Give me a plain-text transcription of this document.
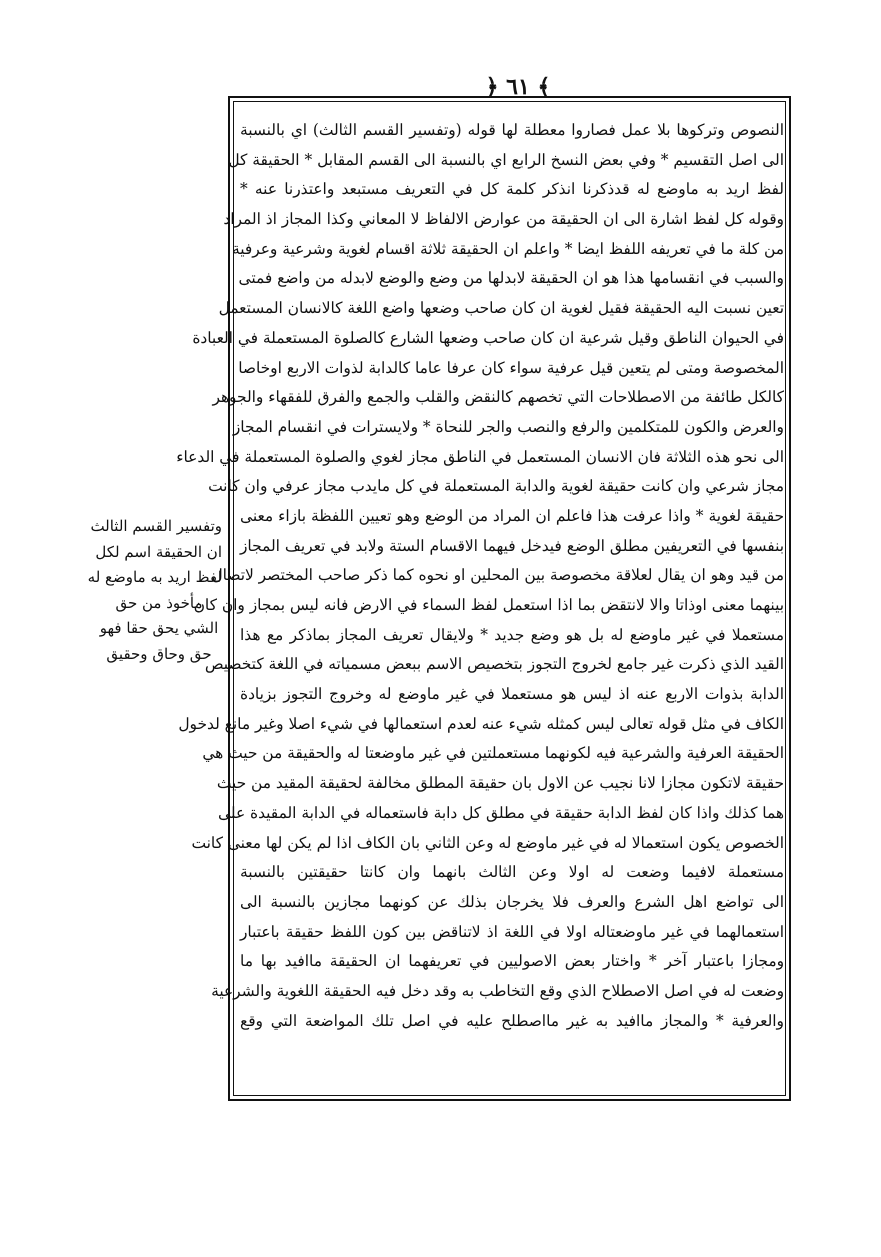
﴿ ٦١ ﴾
النصوص وتركوها بلا عمل فصاروا معطلة لها قوله (وتفسير القسم الثالث) اي بالنسبة
الى اصل التقسيم * وفي بعض النسخ الرابع اي بالنسبة الى القسم المقابل * الحقيقة كل
لفظ اريد به ماوضع له قدذكرنا انذكر كلمة كل في التعريف مستبعد واعتذرنا عنه *
وقوله كل لفظ اشارة الى ان الحقيقة من عوارض الالفاظ لا المعاني وكذا المجاز اذ المراد
من كلة ما في تعريفه اللفظ ايضا * واعلم ان الحقيقة ثلاثة اقسام لغوية وشرعية وعرفية
والسبب في انقسامها هذا هو ان الحقيقة لابدلها من وضع والوضع لابدله من واضع فمتى
تعين نسبت اليه الحقيقة فقيل لغوية ان كان صاحب وضعها واضع اللغة كالانسان المستعمل
في الحيوان الناطق وقيل شرعية ان كان صاحب وضعها الشارع كالصلوة المستعملة في العبادة
المخصوصة ومتى لم يتعين قيل عرفية سواء كان عرفا عاما كالدابة لذوات الاربع اوخاصا
كالكل طائفة من الاصطلاحات التي تخصهم كالنقض والقلب والجمع والفرق للفقهاء والجوهر
والعرض والكون للمتكلمين والرفع والنصب والجر للنحاة * ولايسترات في انقسام المجاز
الى نحو هذه الثلاثة فان الانسان المستعمل في الناطق مجاز لغوي والصلوة المستعملة في الدعاء
مجاز شرعي وان كانت حقيقة لغوية والدابة المستعملة في كل مايدب مجاز عرفي وان كانت
حقيقة لغوية * واذا عرفت هذا فاعلم ان المراد من الوضع وهو تعيين اللفظة بازاء معنى
بنفسها في التعريفين مطلق الوضع فيدخل فيهما الاقسام الستة ولابد في تعريف المجاز
من قيد وهو ان يقال لعلاقة مخصوصة بين المحلين او نحوه كما ذكر صاحب المختصر لاتصال
بينهما معنى اوذاتا والا لانتقض بما اذا استعمل لفظ السماء في الارض فانه ليس بمجاز وان كان
مستعملا في غير ماوضع له بل هو وضع جديد * ولايقال تعريف المجاز بماذكر مع هذا
القيد الذي ذكرت غير جامع لخروج التجوز بتخصيص الاسم ببعض مسمياته في اللغة كتخصيص
الدابة بذوات الاربع عنه اذ ليس هو مستعملا في غير ماوضع له وخروج التجوز بزيادة
الكاف في مثل قوله تعالى ليس كمثله شيء عنه لعدم استعمالها في شيء اصلا وغير مانع لدخول
الحقيقة العرفية والشرعية فيه لكونهما مستعملتين في غير ماوضعتا له والحقيقة من حيث هي
حقيقة لاتكون مجازا لانا نجيب عن الاول بان حقيقة المطلق مخالفة لحقيقة المقيد من حيث
هما كذلك واذا كان لفظ الدابة حقيقة في مطلق كل دابة فاستعماله في الدابة المقيدة على
الخصوص يكون استعمالا له في غير ماوضع له وعن الثاني بان الكاف اذا لم يكن لها معنى كانت
مستعملة لافيما وضعت له اولا وعن الثالث بانهما وان كانتا حقيقتين بالنسبة
الى تواضع اهل الشرع والعرف فلا يخرجان بذلك عن كونهما مجازين بالنسبة الى
استعمالهما في غير ماوضعتاله اولا في اللغة اذ لاتناقض بين كون اللفظ حقيقة باعتبار
ومجازا باعتبار آخر * واختار بعض الاصوليين في تعريفهما ان الحقيقة ماافيد بها ما
وضعت له في اصل الاصطلاح الذي وقع التخاطب به وقد دخل فيه الحقيقة اللغوية والشرعية
والعرفية * والمجاز ماافيد به غير مااصطلح عليه في اصل تلك المواضعة التي وقع
وتفسير القسم الثالث
ان الحقيقة اسم لكل
لفظ اريد به ماوضع له
مأخوذ من حق
الشي يحق حقا فهو
حق وحاق وحقيق
